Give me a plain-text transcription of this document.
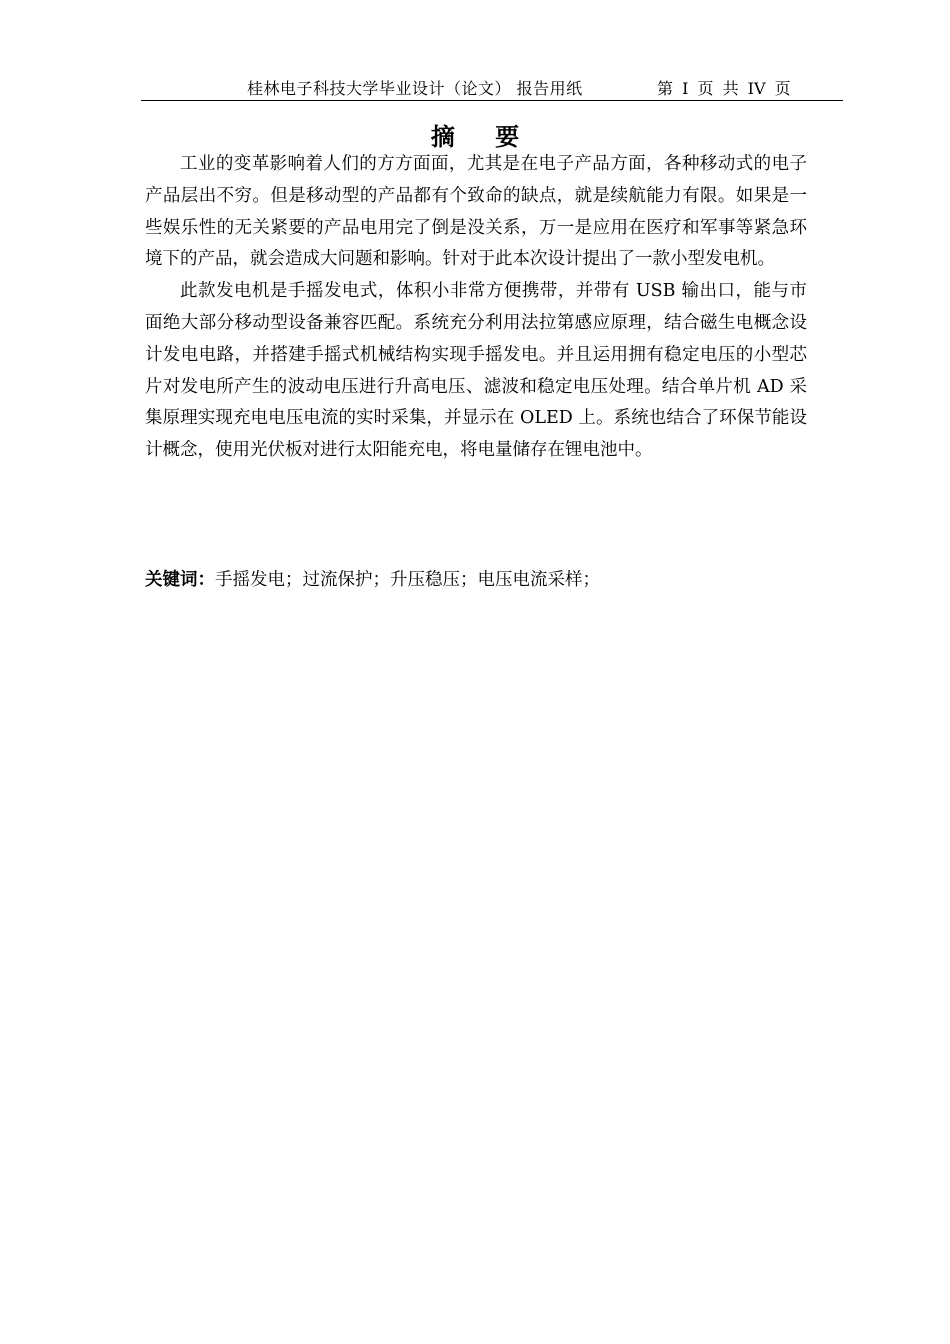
桂林电子科技大学毕业设计（论文） 报告用纸	第 I 页 共 IV 页
摘 要

工业的变革影响着人们的方方面面，尤其是在电子产品方面，各种移动式的电子产品层出不穷。但是移动型的产品都有个致命的缺点，就是续航能力有限。如果是一些娱乐性的无关紧要的产品电用完了倒是没关系，万一是应用在医疗和军事等紧急环境下的产品，就会造成大问题和影响。针对于此本次设计提出了一款小型发电机。

此款发电机是手摇发电式，体积小非常方便携带，并带有 USB 输出口，能与市面绝大部分移动型设备兼容匹配。系统充分利用法拉第感应原理，结合磁生电概念设计发电电路，并搭建手摇式机械结构实现手摇发电。并且运用拥有稳定电压的小型芯片对发电所产生的波动电压进行升高电压、滤波和稳定电压处理。结合单片机 AD 采集原理实现充电电压电流的实时采集，并显示在 OLED 上。系统也结合了环保节能设计概念，使用光伏板对进行太阳能充电，将电量储存在锂电池中。

关键词：手摇发电；过流保护；升压稳压；电压电流采样；
